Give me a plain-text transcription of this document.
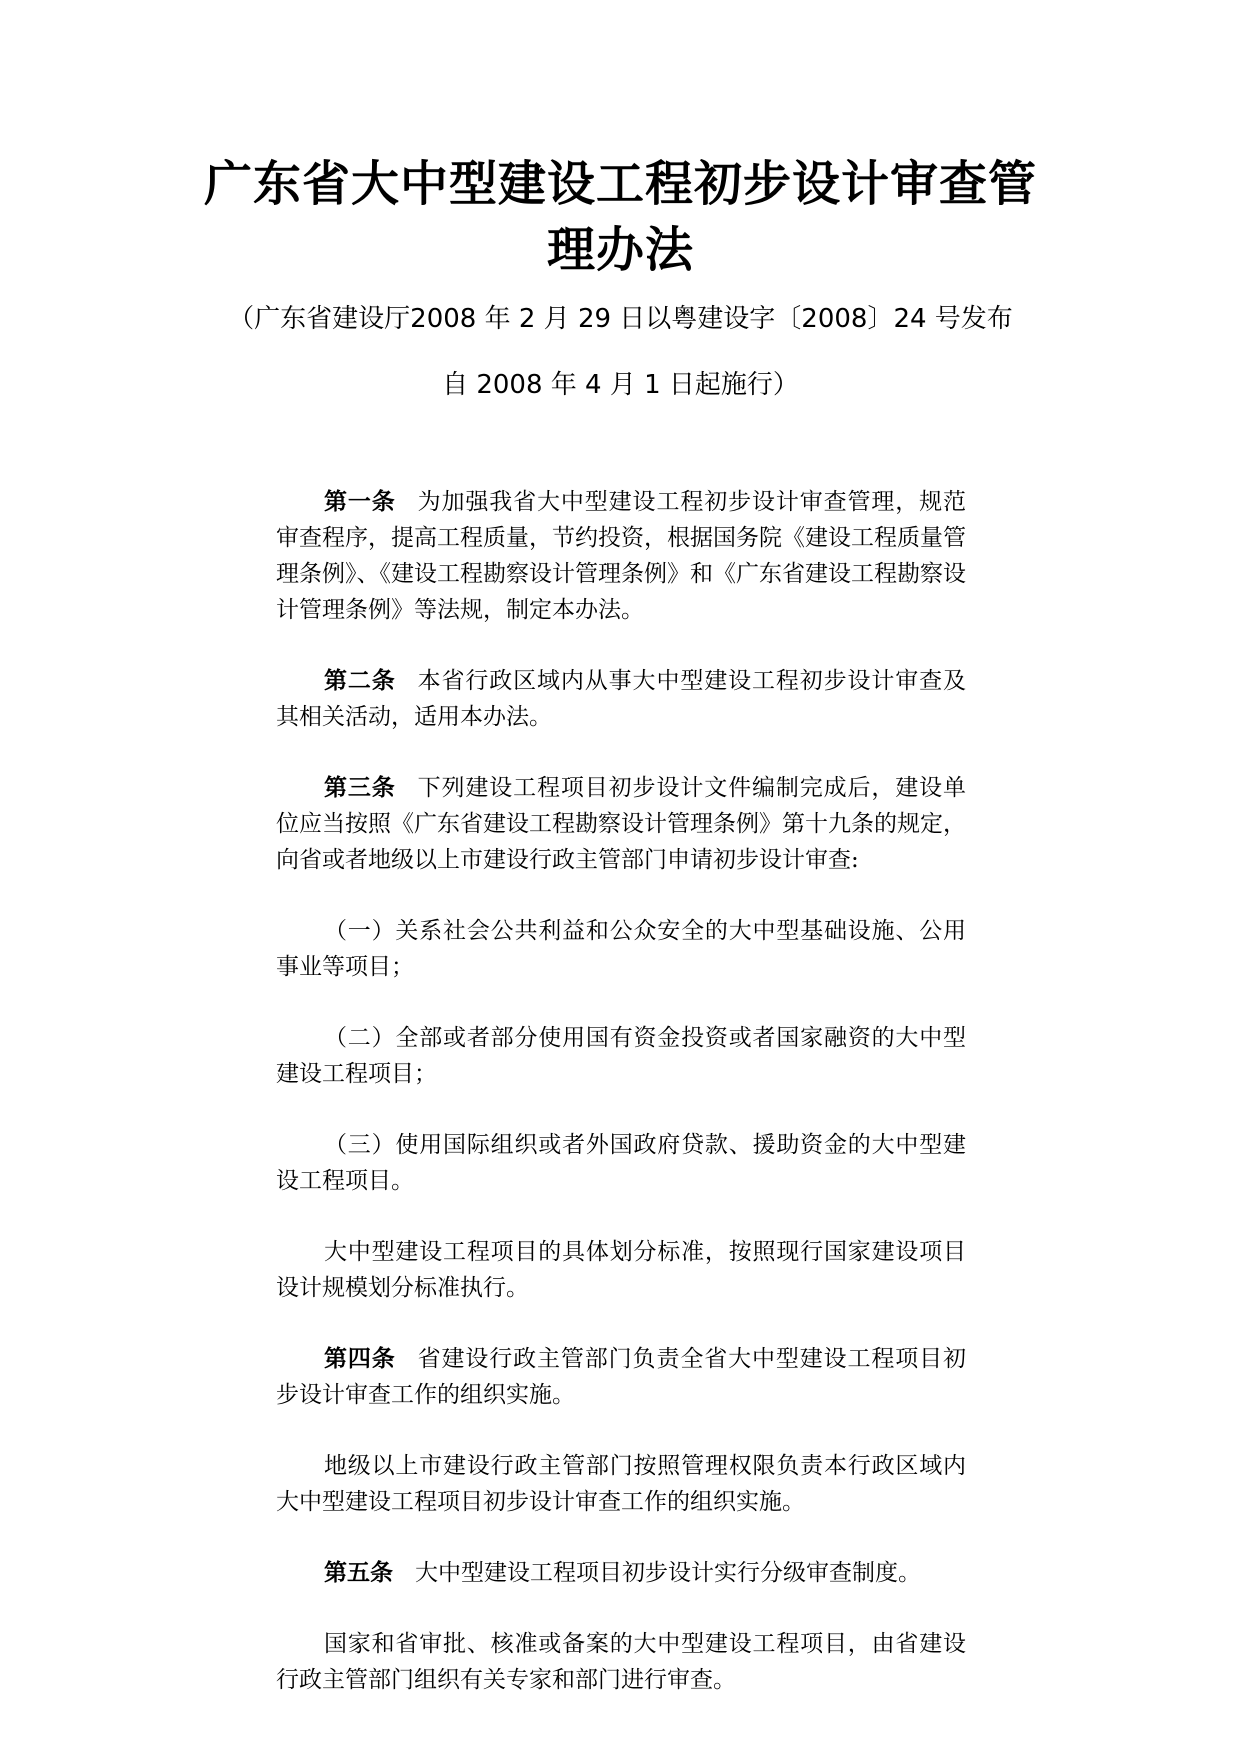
广东省大中型建设工程初步设计审查管
理办法

（广东省建设厅2008 年 2 月 29 日以粤建设字〔2008〕24 号发布

自 2008 年 4 月 1 日起施行）

第一条 为加强我省大中型建设工程初步设计审查管理，规范审查程序，提高工程质量，节约投资，根据国务院《建设工程质量管理条例》、《建设工程勘察设计管理条例》和《广东省建设工程勘察设计管理条例》等法规，制定本办法。

第二条 本省行政区域内从事大中型建设工程初步设计审查及其相关活动，适用本办法。

第三条 下列建设工程项目初步设计文件编制完成后，建设单位应当按照《广东省建设工程勘察设计管理条例》第十九条的规定，向省或者地级以上市建设行政主管部门申请初步设计审查:

（一）关系社会公共利益和公众安全的大中型基础设施、公用事业等项目；

（二）全部或者部分使用国有资金投资或者国家融资的大中型建设工程项目；

（三）使用国际组织或者外国政府贷款、援助资金的大中型建设工程项目。

大中型建设工程项目的具体划分标准，按照现行国家建设项目设计规模划分标准执行。

第四条 省建设行政主管部门负责全省大中型建设工程项目初步设计审查工作的组织实施。

地级以上市建设行政主管部门按照管理权限负责本行政区域内大中型建设工程项目初步设计审查工作的组织实施。

第五条 大中型建设工程项目初步设计实行分级审查制度。

国家和省审批、核准或备案的大中型建设工程项目，由省建设行政主管部门组织有关专家和部门进行审查。
